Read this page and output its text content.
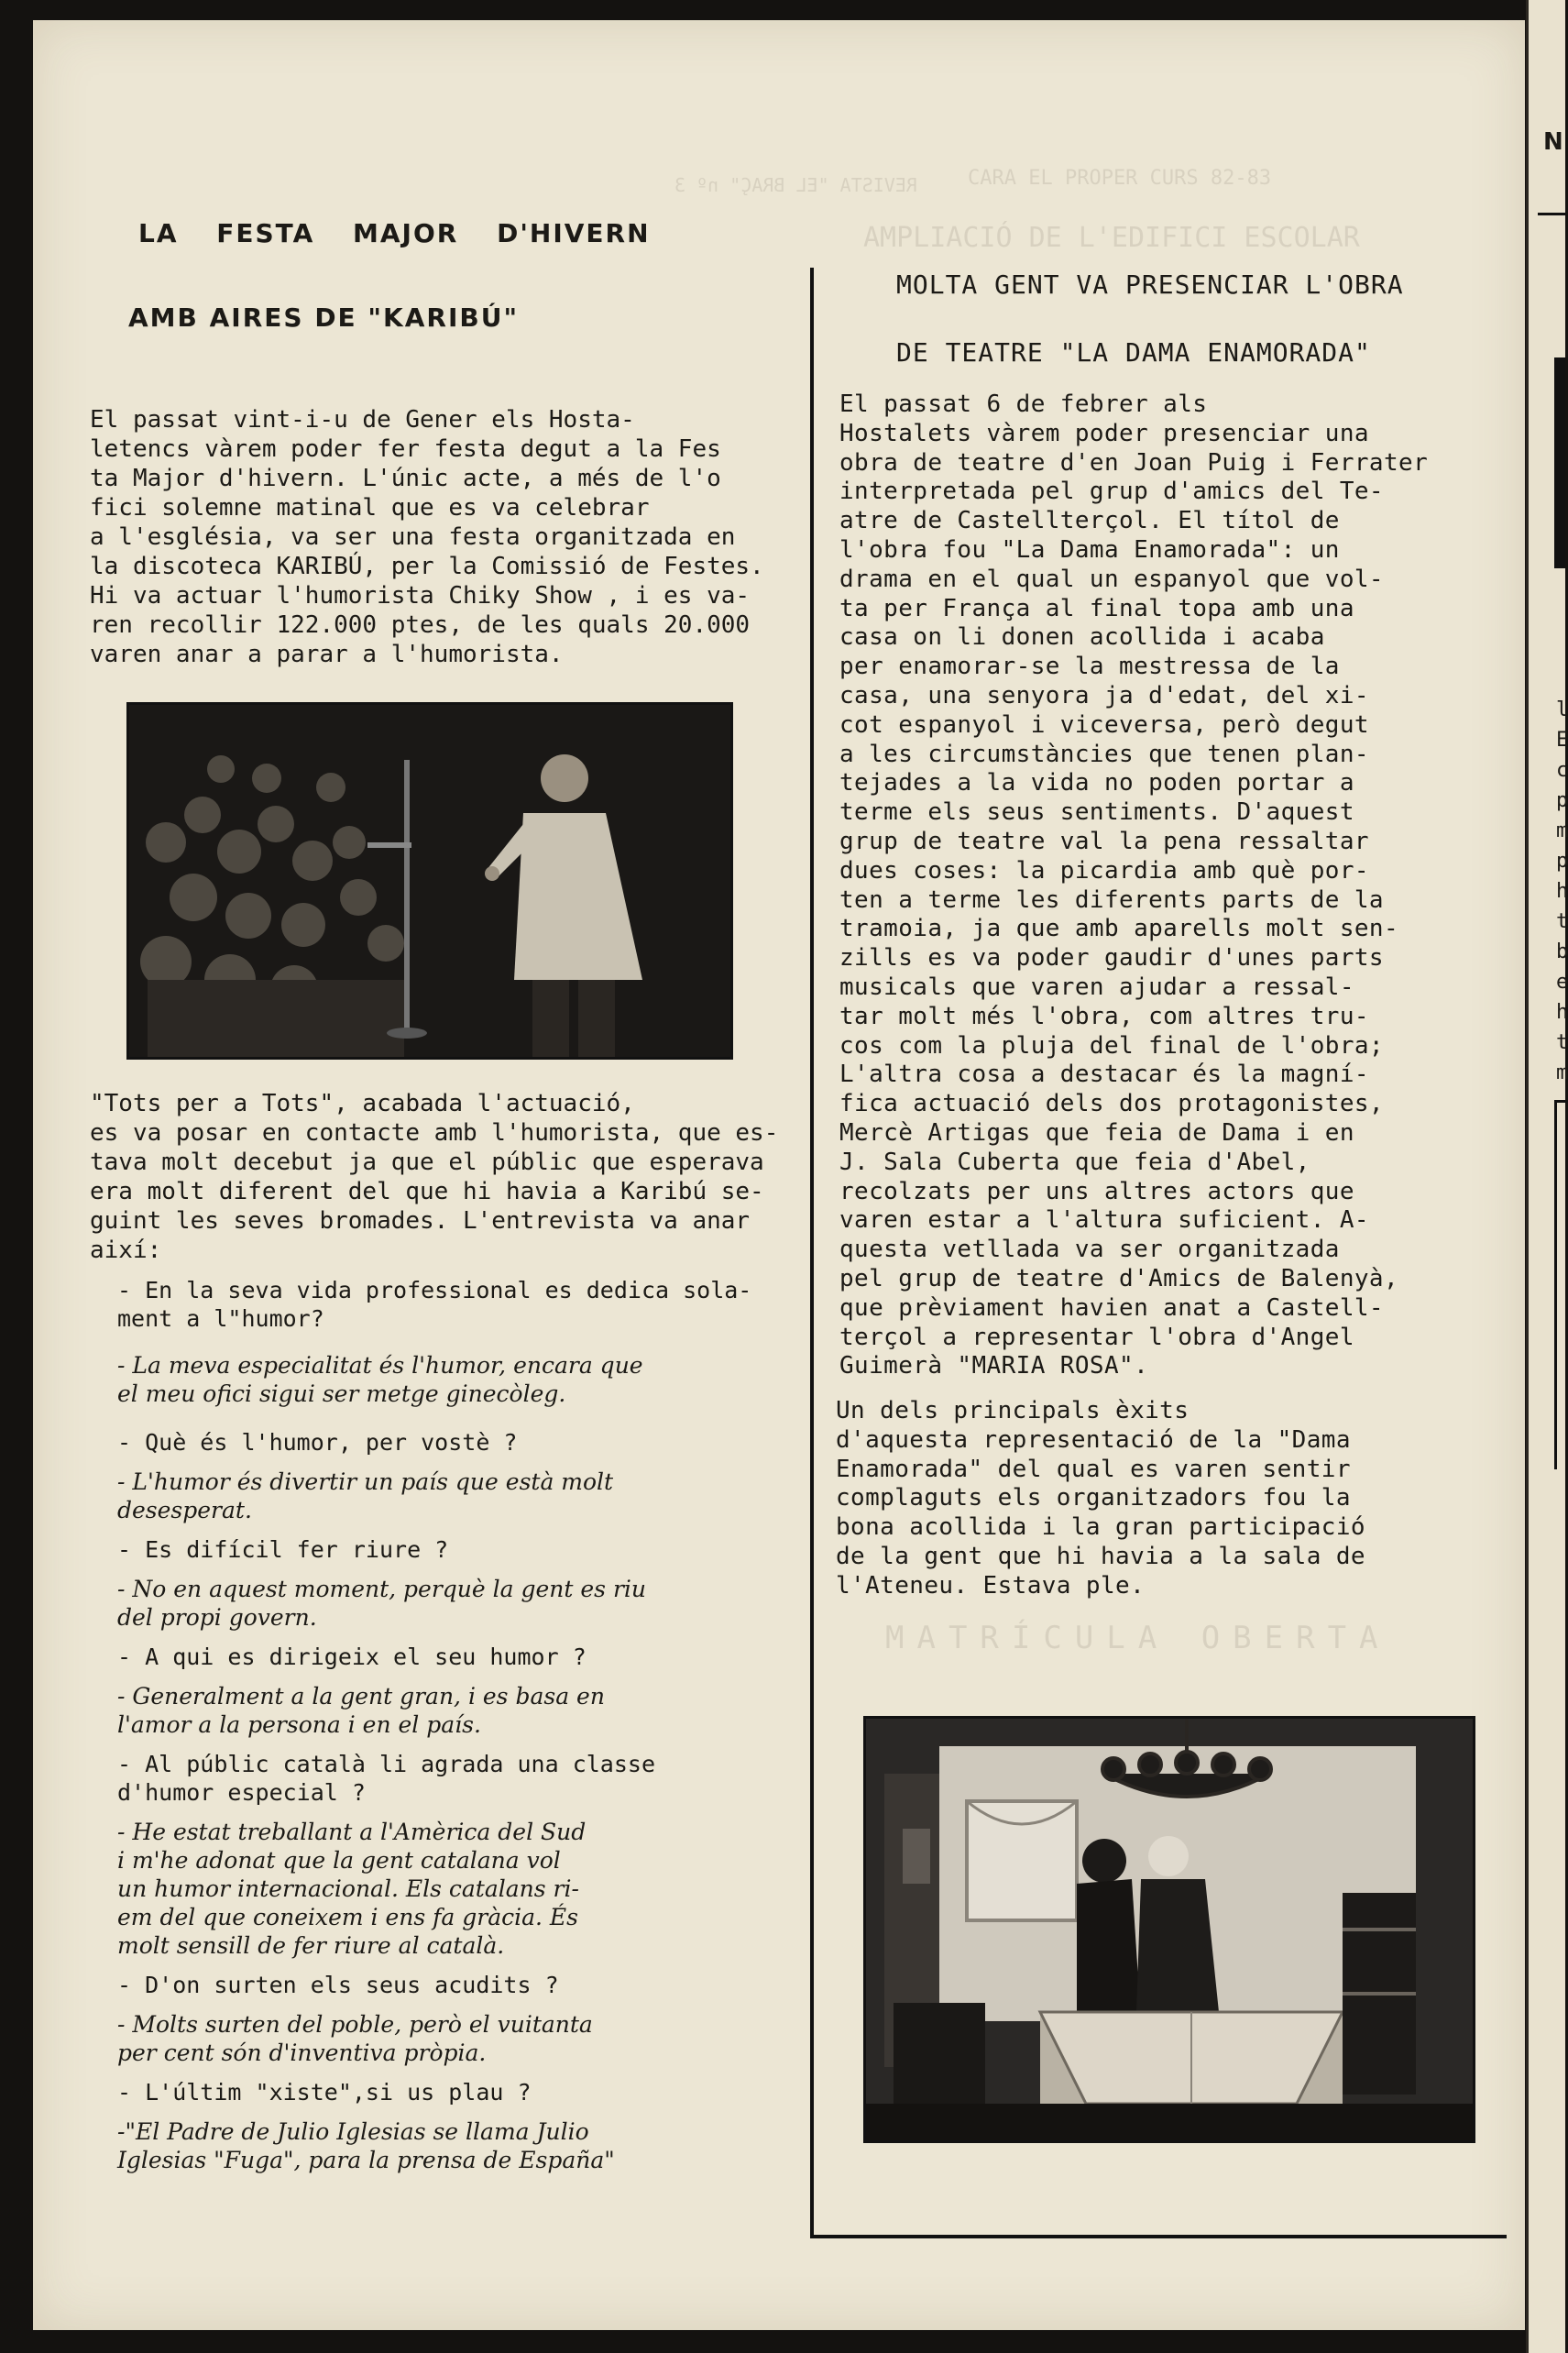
REVISTA "EL BRAÇ" nº 3	CARA EL PROPER CURS 82-83
AMPLIACIÓ DE L'EDIFICI ESCOLAR
MATRÍCULA OBERTA
LA FESTA MAJOR D'HIVERN
AMB AIRES DE "KARIBÚ"

El passat vint-i-u de Gener els Hosta-
letencs vàrem poder fer festa degut a la Fes
ta Major d'hivern. L'únic acte, a més de l'o
fici solemne matinal que es va celebrar
a l'església, va ser una festa organitzada en
la discoteca KARIBÚ, per la Comissió de Festes.
Hi va actuar l'humorista Chiky Show , i es va-
ren recollir 122.000 ptes, de les quals 20.000
varen anar a parar a l'humorista.

"Tots per a Tots", acabada l'actuació,
es va posar en contacte amb l'humorista, que es-
tava molt decebut ja que el públic que esperava
era molt diferent del que hi havia a Karibú se-
guint les seves bromades. L'entrevista va anar
així:

- En la seva vida professional es dedica sola-
ment a l"humor?

- La meva especialitat és l'humor, encara que
el meu ofici sigui ser metge ginecòleg.

- Què és l'humor, per vostè ?

- L'humor és divertir un país que està molt
desesperat.

- Es difícil fer riure ?

- No en aquest moment, perquè la gent es riu
del propi govern.

- A qui es dirigeix el seu humor ?

- Generalment a la gent gran, i es basa en
l'amor a la persona i en el país.

- Al públic català li agrada una classe
d'humor especial ?

- He estat treballant a l'Amèrica del Sud
i m'he adonat que la gent catalana vol
un humor internacional. Els catalans ri-
em del que coneixem i ens fa gràcia. És
molt sensill de fer riure al català.

- D'on surten els seus acudits ?

- Molts surten del poble, però el vuitanta
per cent són d'inventiva pròpia.

- L'últim "xiste",si us plau ?

-"El Padre de Julio Iglesias se llama Julio
Iglesias "Fuga", para la prensa de España"

MOLTA GENT VA PRESENCIAR L'OBRA
DE TEATRE "LA DAMA ENAMORADA"

El passat 6 de febrer als
Hostalets vàrem poder presenciar una
obra de teatre d'en Joan Puig i Ferrater
interpretada pel grup d'amics del Te-
atre de Castellterçol. El títol de
l'obra fou "La Dama Enamorada": un
drama en el qual un espanyol que vol-
ta per França al final topa amb una
casa on li donen acollida i acaba
per enamorar-se la mestressa de la
casa, una senyora ja d'edat, del xi-
cot espanyol i viceversa, però degut
a les circumstàncies que tenen plan-
tejades a la vida no poden portar a
terme els seus sentiments. D'aquest
grup de teatre val la pena ressaltar
dues coses: la picardia amb què por-
ten a terme les diferents parts de la
tramoia, ja que amb aparells molt sen-
zills es va poder gaudir d'unes parts
musicals que varen ajudar a ressal-
tar molt més l'obra, com altres tru-
cos com la pluja del final de l'obra;
L'altra cosa a destacar és la magní-
fica actuació dels dos protagonistes,
Mercè Artigas que feia de Dama i en
J. Sala Cuberta que feia d'Abel,
recolzats per uns altres actors que
varen estar a l'altura suficient. A-
questa vetllada va ser organitzada
pel grup de teatre d'Amics de Balenyà,
que prèviament havien anat a Castell-
terçol a representar l'obra d'Angel
Guimerà "MARIA ROSA".

Un dels principals èxits
d'aquesta representació de la "Dama
Enamorada" del qual es varen sentir
complaguts els organitzadors fou la
bona acollida i la gran participació
de la gent que hi havia a la sala de
l'Ateneu. Estava ple.

N
l
E
c
p
m
p
h
t
b
e
h
t
m
